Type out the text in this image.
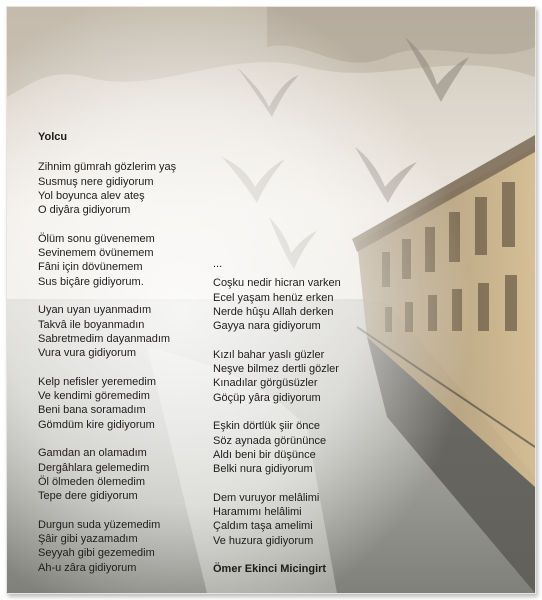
Yolcu
Zihnim gümrah gözlerim yaş
Susmuş nere gidiyorum
Yol boyunca alev ateş
O diyâra gidiyorum
Ölüm sonu güvenemem
Sevinemem övünemem
Fâni için dövünemem
Sus biçâre gidiyorum.
Uyan uyan uyanmadım
Takvâ ile boyanmadın
Sabretmedim dayanmadım
Vura vura gidiyorum
Kelp nefisler yeremedim
Ve kendimi göremedim
Beni bana soramadım
Gömdüm kire gidiyorum
Gamdan an olamadım
Dergâhlara gelemedim
Öl ölmeden ölemedim
Tepe dere gidiyorum
Durgun suda yüzemedim
Şâir gibi yazamadım
Seyyah gibi gezemedim
Ah-u zâra gidiyorum
...
Coşku nedir hicran varken
Ecel yaşam henüz erken
Nerde hûşu Allah derken
Gayya nara gidiyorum
Kızıl bahar yaslı güzler
Neşve bilmez dertli gözler
Kınadılar görgüsüzler
Göçüp yâra gidiyorum
Eşkin dörtlük şiir önce
Söz aynada görününce
Aldı beni bir düşünce
Belki nura gidiyorum
Dem vuruyor melâlimi
Haramımı helâlimi
Çaldım taşa amelimi
Ve huzura gidiyorum
Ömer Ekinci Micingirt
